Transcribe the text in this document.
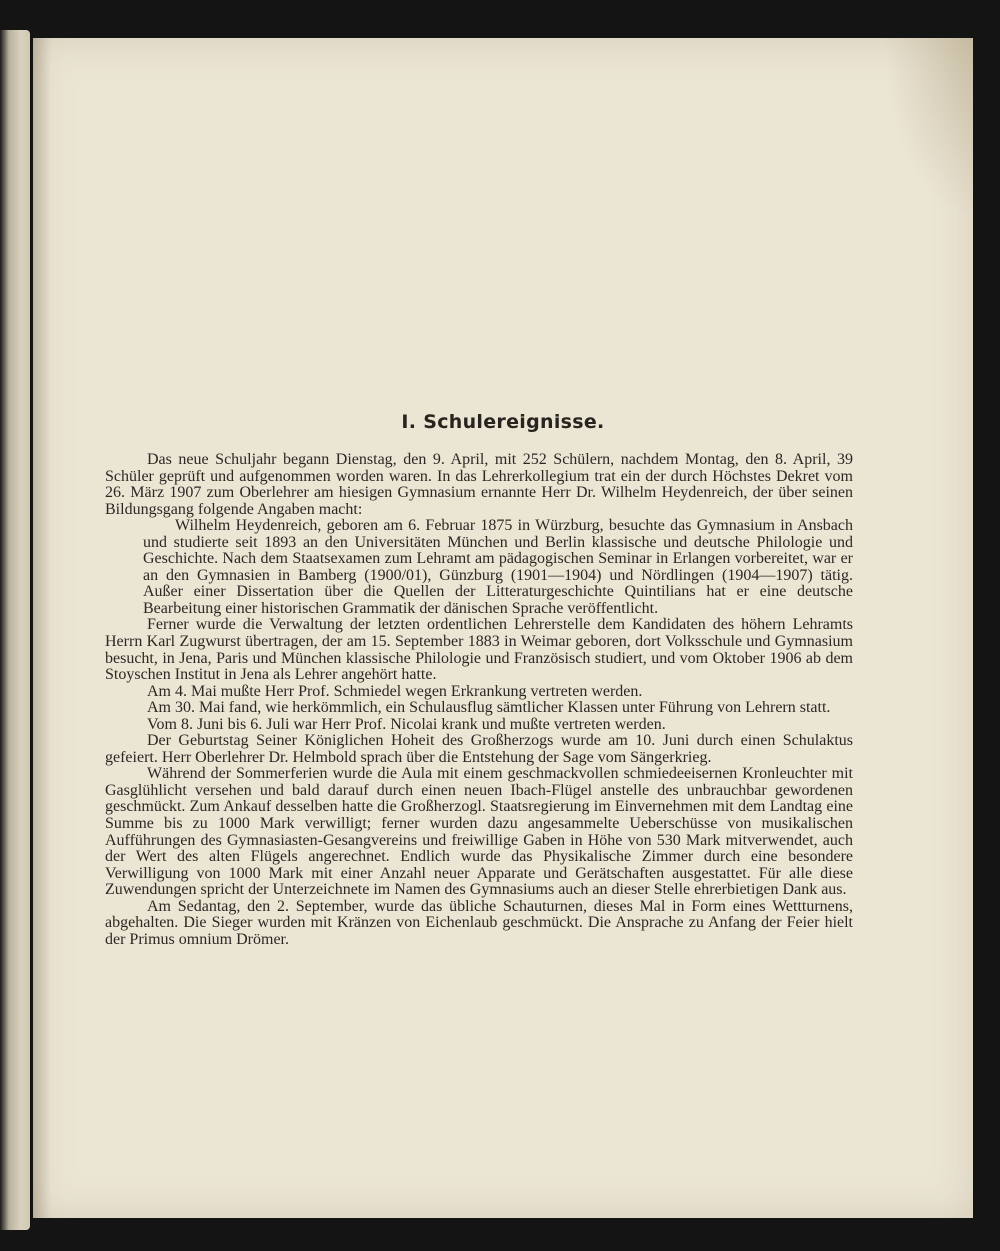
I. Schulereignisse.

Das neue Schuljahr begann Dienstag, den 9. April, mit 252 Schülern, nachdem Montag, den 8. April, 39 Schüler geprüft und aufgenommen worden waren. In das Lehrerkollegium trat ein der durch Höchstes Dekret vom 26. März 1907 zum Oberlehrer am hiesigen Gymnasium ernannte Herr Dr. Wilhelm Heydenreich, der über seinen Bildungsgang folgende Angaben macht:

Wilhelm Heydenreich, geboren am 6. Februar 1875 in Würzburg, besuchte das Gymnasium in Ansbach und studierte seit 1893 an den Universitäten München und Berlin klassische und deutsche Philologie und Geschichte. Nach dem Staatsexamen zum Lehramt am pädagogischen Seminar in Erlangen vorbereitet, war er an den Gymnasien in Bamberg (1900/01), Günzburg (1901—1904) und Nördlingen (1904—1907) tätig. Außer einer Dissertation über die Quellen der Litteraturgeschichte Quintilians hat er eine deutsche Bearbeitung einer historischen Grammatik der dänischen Sprache veröffentlicht.

Ferner wurde die Verwaltung der letzten ordentlichen Lehrerstelle dem Kandidaten des höhern Lehramts Herrn Karl Zugwurst übertragen, der am 15. September 1883 in Weimar geboren, dort Volksschule und Gymnasium besucht, in Jena, Paris und München klassische Philologie und Französisch studiert, und vom Oktober 1906 ab dem Stoyschen Institut in Jena als Lehrer angehört hatte.

Am 4. Mai mußte Herr Prof. Schmiedel wegen Erkrankung vertreten werden.

Am 30. Mai fand, wie herkömmlich, ein Schulausflug sämtlicher Klassen unter Führung von Lehrern statt.

Vom 8. Juni bis 6. Juli war Herr Prof. Nicolai krank und mußte vertreten werden.

Der Geburtstag Seiner Königlichen Hoheit des Großherzogs wurde am 10. Juni durch einen Schulaktus gefeiert. Herr Oberlehrer Dr. Helmbold sprach über die Entstehung der Sage vom Sängerkrieg.

Während der Sommerferien wurde die Aula mit einem geschmackvollen schmiedeeisernen Kronleuchter mit Gasglühlicht versehen und bald darauf durch einen neuen Ibach-Flügel anstelle des unbrauchbar gewordenen geschmückt. Zum Ankauf desselben hatte die Großherzogl. Staatsregierung im Einvernehmen mit dem Landtag eine Summe bis zu 1000 Mark verwilligt; ferner wurden dazu angesammelte Ueberschüsse von musikalischen Aufführungen des Gymnasiasten-Gesangvereins und freiwillige Gaben in Höhe von 530 Mark mitverwendet, auch der Wert des alten Flügels angerechnet. Endlich wurde das Physikalische Zimmer durch eine besondere Verwilligung von 1000 Mark mit einer Anzahl neuer Apparate und Gerätschaften ausgestattet. Für alle diese Zuwendungen spricht der Unterzeichnete im Namen des Gymnasiums auch an dieser Stelle ehrerbietigen Dank aus.

Am Sedantag, den 2. September, wurde das übliche Schauturnen, dieses Mal in Form eines Wettturnens, abgehalten. Die Sieger wurden mit Kränzen von Eichenlaub geschmückt. Die Ansprache zu Anfang der Feier hielt der Primus omnium Drömer.
